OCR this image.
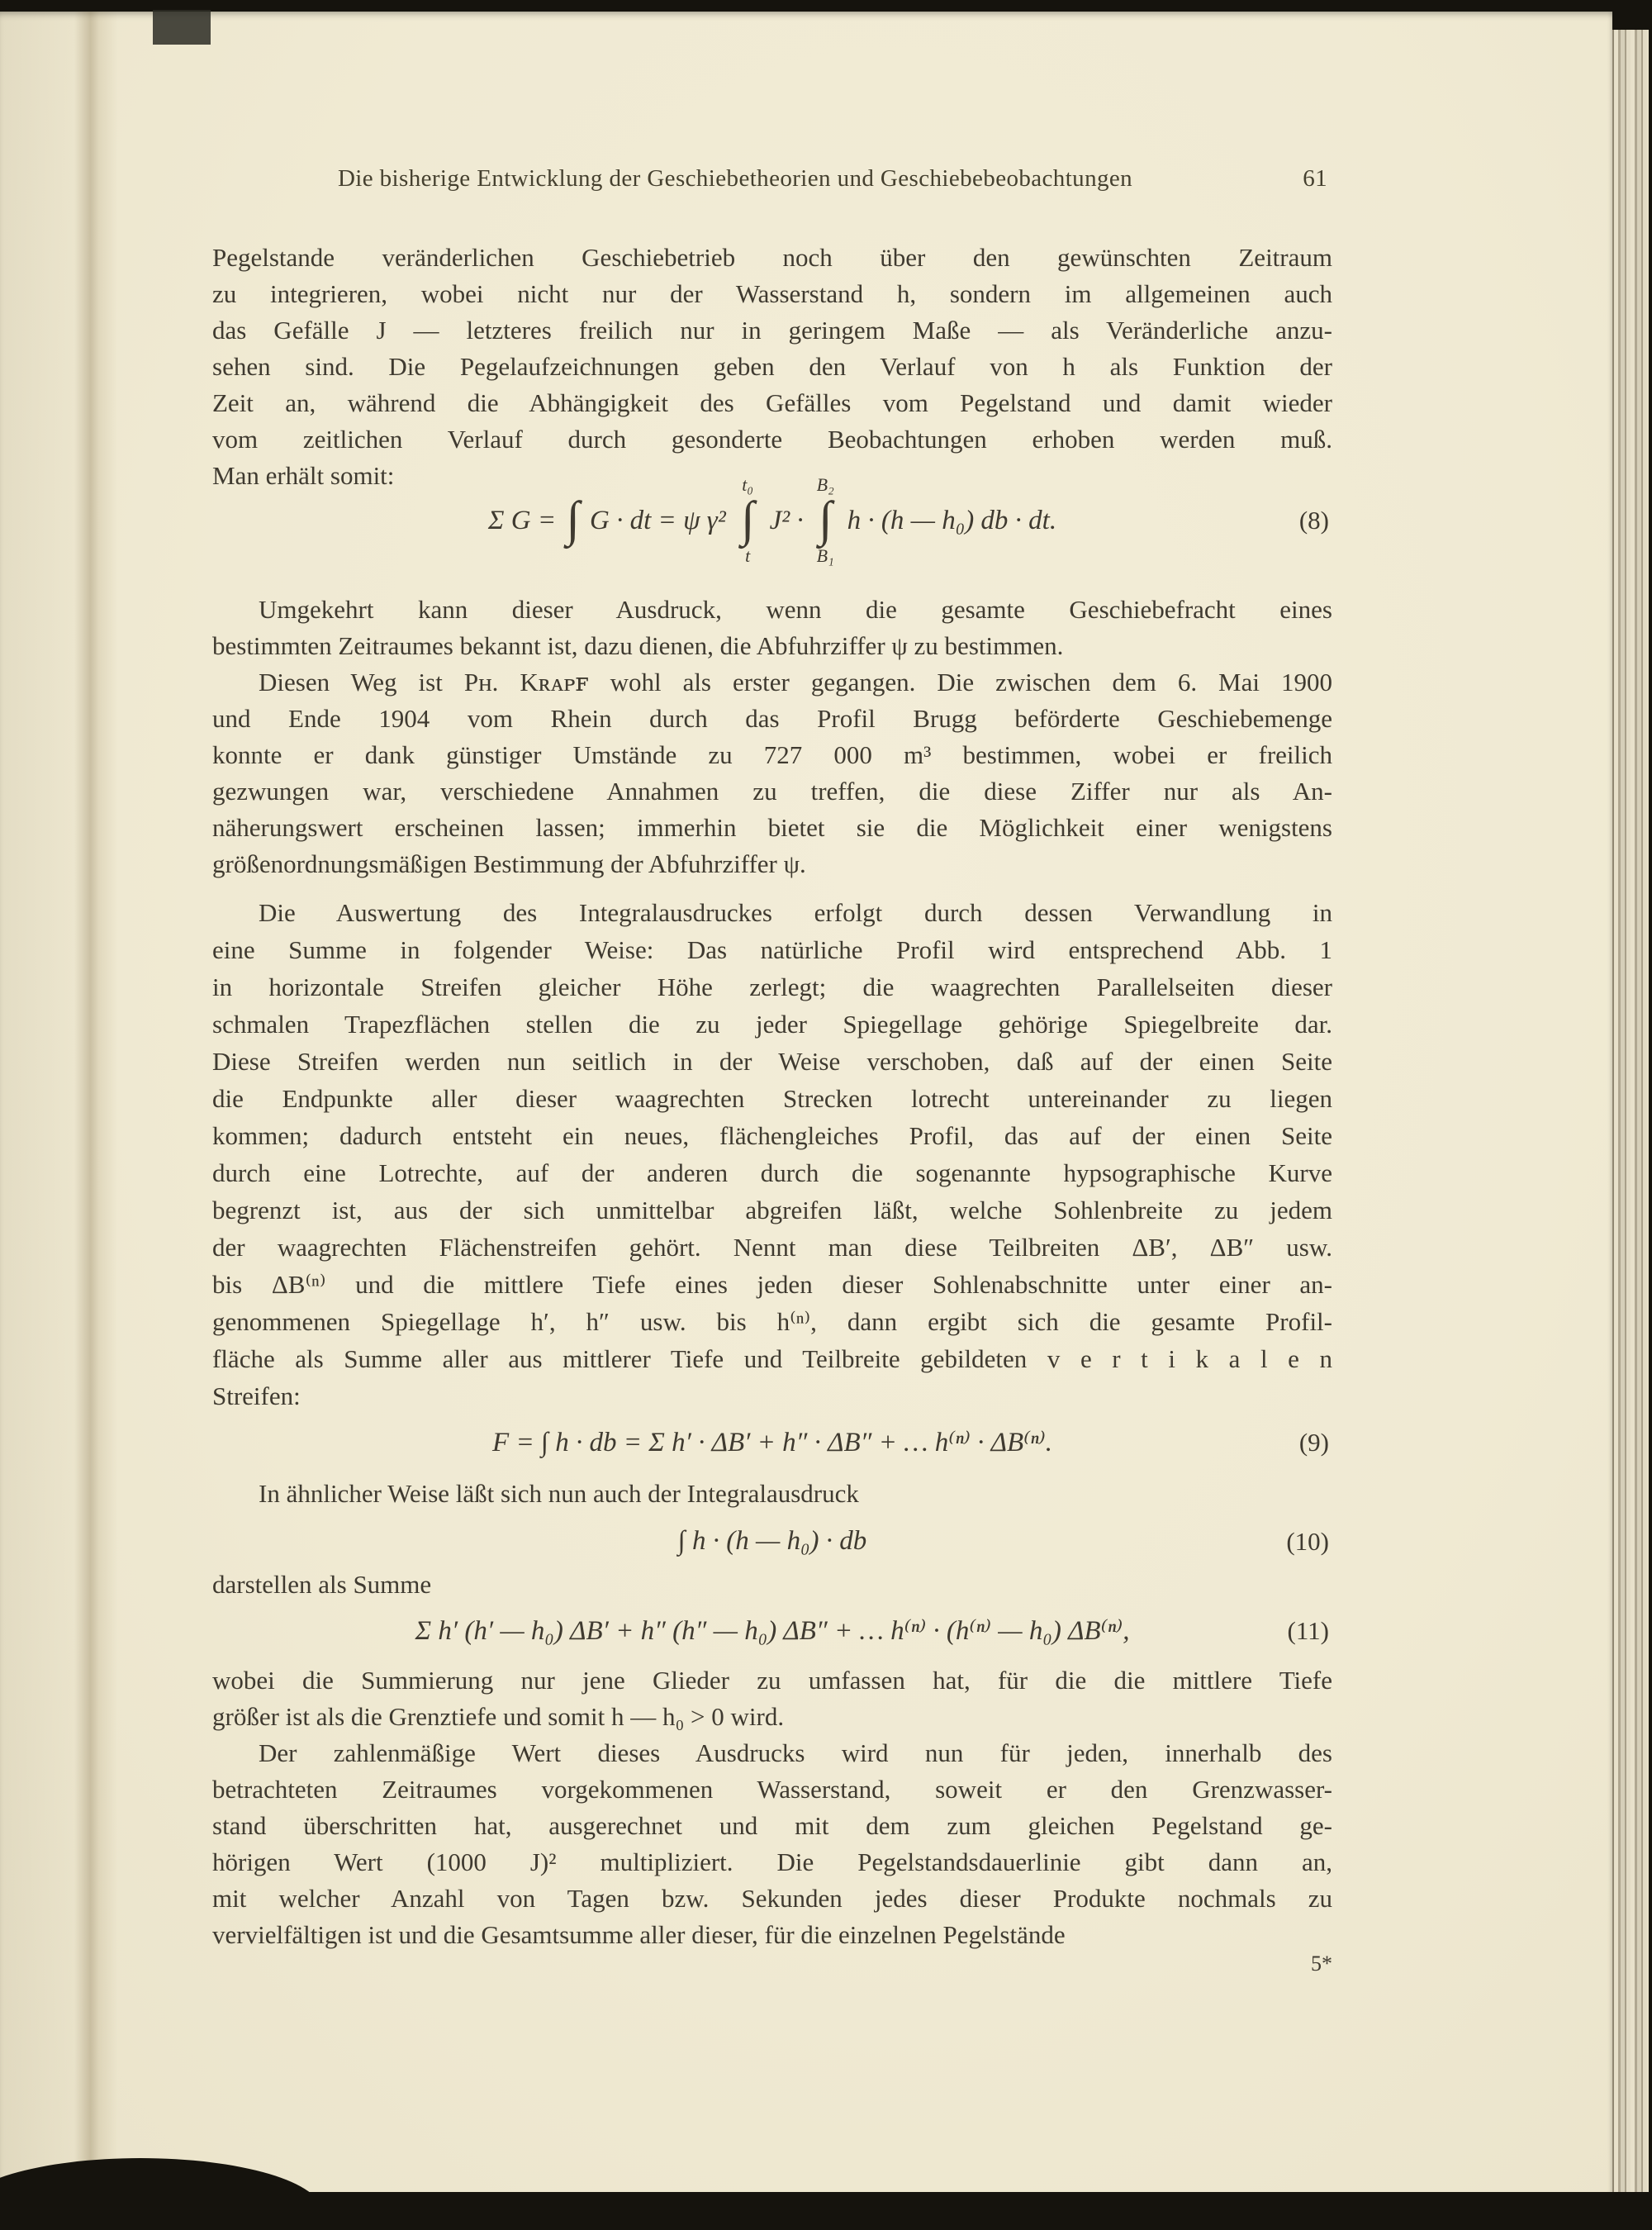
Die bisherige Entwicklung der Geschiebetheorien und Geschiebebeobachtungen	61
Pegelstande veränderlichen Geschiebetrieb noch über den gewünschten Zeitraum
zu integrieren, wobei nicht nur der Wasserstand h, sondern im allgemeinen auch
das Gefälle J — letzteres freilich nur in geringem Maße — als Veränderliche anzu-
sehen sind. Die Pegelaufzeichnungen geben den Verlauf von h als Funktion der
Zeit an, während die Abhängigkeit des Gefälles vom Pegelstand und damit wieder
vom zeitlichen Verlauf durch gesonderte Beobachtungen erhoben werden muß.
Man erhält somit:
Σ G = ∫ G · dt = ψ γ²
t₀
∫
t
J² ·
B₂
∫
B₁
h · (h — h₀) db · dt.	(8)
Umgekehrt kann dieser Ausdruck, wenn die gesamte Geschiebefracht eines
bestimmten Zeitraumes bekannt ist, dazu dienen, die Abfuhrziffer ψ zu bestimmen.
Diesen Weg ist Pʜ. Kʀᴀᴘꜰ wohl als erster gegangen. Die zwischen dem 6. Mai 1900
und Ende 1904 vom Rhein durch das Profil Brugg beförderte Geschiebemenge
konnte er dank günstiger Umstände zu 727 000 m³ bestimmen, wobei er freilich
gezwungen war, verschiedene Annahmen zu treffen, die diese Ziffer nur als An-
näherungswert erscheinen lassen; immerhin bietet sie die Möglichkeit einer wenigstens
größenordnungsmäßigen Bestimmung der Abfuhrziffer ψ.
Die Auswertung des Integralausdruckes erfolgt durch dessen Verwandlung in
eine Summe in folgender Weise: Das natürliche Profil wird entsprechend Abb. 1
in horizontale Streifen gleicher Höhe zerlegt; die waagrechten Parallelseiten dieser
schmalen Trapezflächen stellen die zu jeder Spiegellage gehörige Spiegelbreite dar.
Diese Streifen werden nun seitlich in der Weise verschoben, daß auf der einen Seite
die Endpunkte aller dieser waagrechten Strecken lotrecht untereinander zu liegen
kommen; dadurch entsteht ein neues, flächengleiches Profil, das auf der einen Seite
durch eine Lotrechte, auf der anderen durch die sogenannte hypsographische Kurve
begrenzt ist, aus der sich unmittelbar abgreifen läßt, welche Sohlenbreite zu jedem
der waagrechten Flächenstreifen gehört. Nennt man diese Teilbreiten ΔB′, ΔB″ usw.
bis ΔB⁽ⁿ⁾ und die mittlere Tiefe eines jeden dieser Sohlenabschnitte unter einer an-
genommenen Spiegellage h′, h″ usw. bis h⁽ⁿ⁾, dann ergibt sich die gesamte Profil-
fläche als Summe aller aus mittlerer Tiefe und Teilbreite gebildeten v e r t i k a l e n
Streifen:
F = ∫ h · db = Σ h′ · ΔB′ + h″ · ΔB″ + … h⁽ⁿ⁾ · ΔB⁽ⁿ⁾.	(9)
In ähnlicher Weise läßt sich nun auch der Integralausdruck
∫ h · (h — h₀) · db	(10)
darstellen als Summe
Σ h′ (h′ — h₀) ΔB′ + h″ (h″ — h₀) ΔB″ + … h⁽ⁿ⁾ · (h⁽ⁿ⁾ — h₀) ΔB⁽ⁿ⁾,	(11)
wobei die Summierung nur jene Glieder zu umfassen hat, für die die mittlere Tiefe
größer ist als die Grenztiefe und somit h — h₀ > 0 wird.
Der zahlenmäßige Wert dieses Ausdrucks wird nun für jeden, innerhalb des
betrachteten Zeitraumes vorgekommenen Wasserstand, soweit er den Grenzwasser-
stand überschritten hat, ausgerechnet und mit dem zum gleichen Pegelstand ge-
hörigen Wert (1000 J)² multipliziert. Die Pegelstandsdauerlinie gibt dann an,
mit welcher Anzahl von Tagen bzw. Sekunden jedes dieser Produkte nochmals zu
vervielfältigen ist und die Gesamtsumme aller dieser, für die einzelnen Pegelstände
5*
